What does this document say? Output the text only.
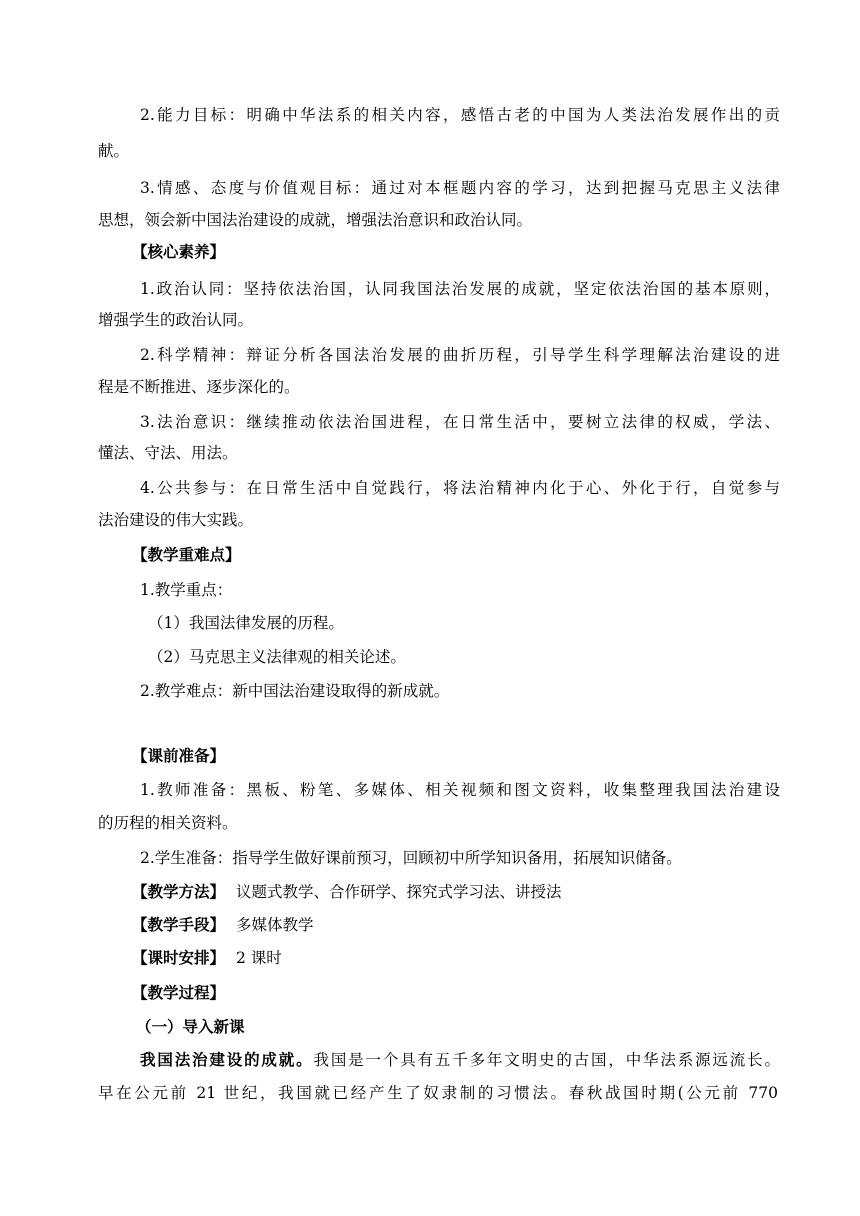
2.能力目标：明确中华法系的相关内容，感悟古老的中国为人类法治发展作出的贡
献。
3.情感、态度与价值观目标：通过对本框题内容的学习，达到把握马克思主义法律
思想，领会新中国法治建设的成就，增强法治意识和政治认同。
【核心素养】
1.政治认同：坚持依法治国，认同我国法治发展的成就，坚定依法治国的基本原则，
增强学生的政治认同。
2.科学精神：辩证分析各国法治发展的曲折历程，引导学生科学理解法治建设的进
程是不断推进、逐步深化的。
3.法治意识：继续推动依法治国进程，在日常生活中，要树立法律的权威，学法、
懂法、守法、用法。
4.公共参与：在日常生活中自觉践行，将法治精神内化于心、外化于行，自觉参与
法治建设的伟大实践。
【教学重难点】
1.教学重点：
（1）我国法律发展的历程。
（2）马克思主义法律观的相关论述。
2.教学难点：新中国法治建设取得的新成就。
【课前准备】
1.教师准备：黑板、粉笔、多媒体、相关视频和图文资料，收集整理我国法治建设
的历程的相关资料。
2.学生准备：指导学生做好课前预习，回顾初中所学知识备用，拓展知识储备。
【教学方法】 议题式教学、合作研学、探究式学习法、讲授法
【教学手段】 多媒体教学
【课时安排】 2 课时
【教学过程】
（一）导入新课
我国法治建设的成就。我国是一个具有五千多年文明史的古国，中华法系源远流长。
早在公元前 21 世纪，我国就已经产生了奴隶制的习惯法。春秋战国时期(公元前 770
